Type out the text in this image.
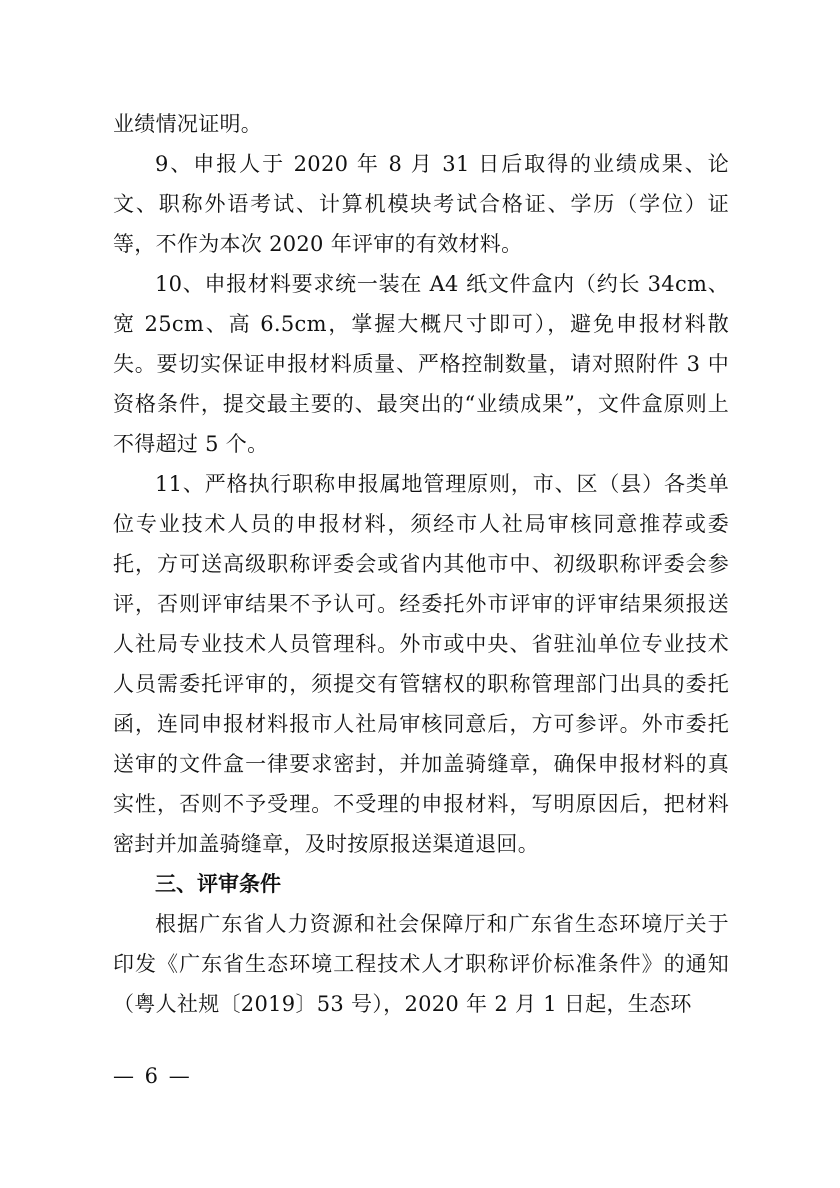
业绩情况证明。

9、申报人于 2020 年 8 月 31 日后取得的业绩成果、论文、职称外语考试、计算机模块考试合格证、学历（学位）证等，不作为本次 2020 年评审的有效材料。

10、申报材料要求统一装在 A4 纸文件盒内（约长 34cm、宽 25cm、高 6.5cm，掌握大概尺寸即可），避免申报材料散失。要切实保证申报材料质量、严格控制数量，请对照附件 3 中资格条件，提交最主要的、最突出的“业绩成果”，文件盒原则上不得超过 5 个。

11、严格执行职称申报属地管理原则，市、区（县）各类单位专业技术人员的申报材料，须经市人社局审核同意推荐或委托，方可送高级职称评委会或省内其他市中、初级职称评委会参评，否则评审结果不予认可。经委托外市评审的评审结果须报送人社局专业技术人员管理科。外市或中央、省驻汕单位专业技术人员需委托评审的，须提交有管辖权的职称管理部门出具的委托函，连同申报材料报市人社局审核同意后，方可参评。外市委托送审的文件盒一律要求密封，并加盖骑缝章，确保申报材料的真实性，否则不予受理。不受理的申报材料，写明原因后，把材料密封并加盖骑缝章，及时按原报送渠道退回。

三、评审条件

根据广东省人力资源和社会保障厅和广东省生态环境厅关于印发《广东省生态环境工程技术人才职称评价标准条件》的通知（粤人社规〔2019〕53 号），2020 年 2 月 1 日起，生态环

— 6 —
